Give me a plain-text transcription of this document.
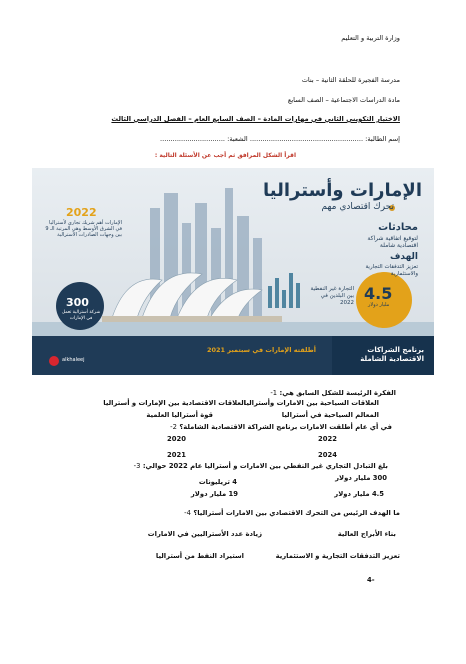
وزارة التربية و التعليم
مدرسة الفجيرة للحلقة الثانية – بنات
مادة الدراسات الاجتماعية – الصف السابع
الاختبار التكويني الثاني في مهارات المادة – الصف السابع العام – الفصل الدراسي الثالث
إسم الطالبة: ...................................................... الشعبة: ...............................
اقرأ الشكل المرافق ثم أجب عن الأسئلة التالية :
الإمارات وأستراليا
تحرك اقتصادي مهم
محادثات
لتوقيع اتفاقية شراكة اقتصادية شاملة
الهدف
تعزيز التدفقات التجارية والاستثمارية
2022
الإمارات أهم شريك تجاري لأستراليا في الشرق الأوسط وهي المرتبة الـ 9 بين وجهات الصادرات الأسترالية
4.5
مليار دولار
التجارة غير النفطية بين البلدين في 2022
300
شركة أسترالية تعمل في الإمارات
برنامج الشراكات الاقتصادية الشاملة
أطلقته الإمارات في سبتمبر 2021
alkhaleej
الفكرة الرئيسة للشكل السابق هي: 1-
العلاقات الاقتصادية بين الإمارات و أستراليا
العلاقات السياحية بين الامارات وأستراليا
قوة أستراليا العلمية	المعالم السياحية في أستراليا
في أي عام أطلقت الامارات برنامج الشراكة الاقتصادية الشاملة؟ 2-
2022
2020
2024
2021
بلغ التبادل التجاري غير النفطي بين الامارات و أستراليا عام 2022 حوالي: 3-
300 مليار دولار
4 تريليونات
4.5 مليار دولار
19 مليار دولار
ما الهدف الرئيس من التحرك الاقتصادي بين الامارات أستراليا؟ 4-
بناء الأبراج العالية
زيادة عدد الأستراليين في الامارات
تعزيز التدفقات التجارية و الاستثمارية
استيراد النفط من أستراليا
4-
